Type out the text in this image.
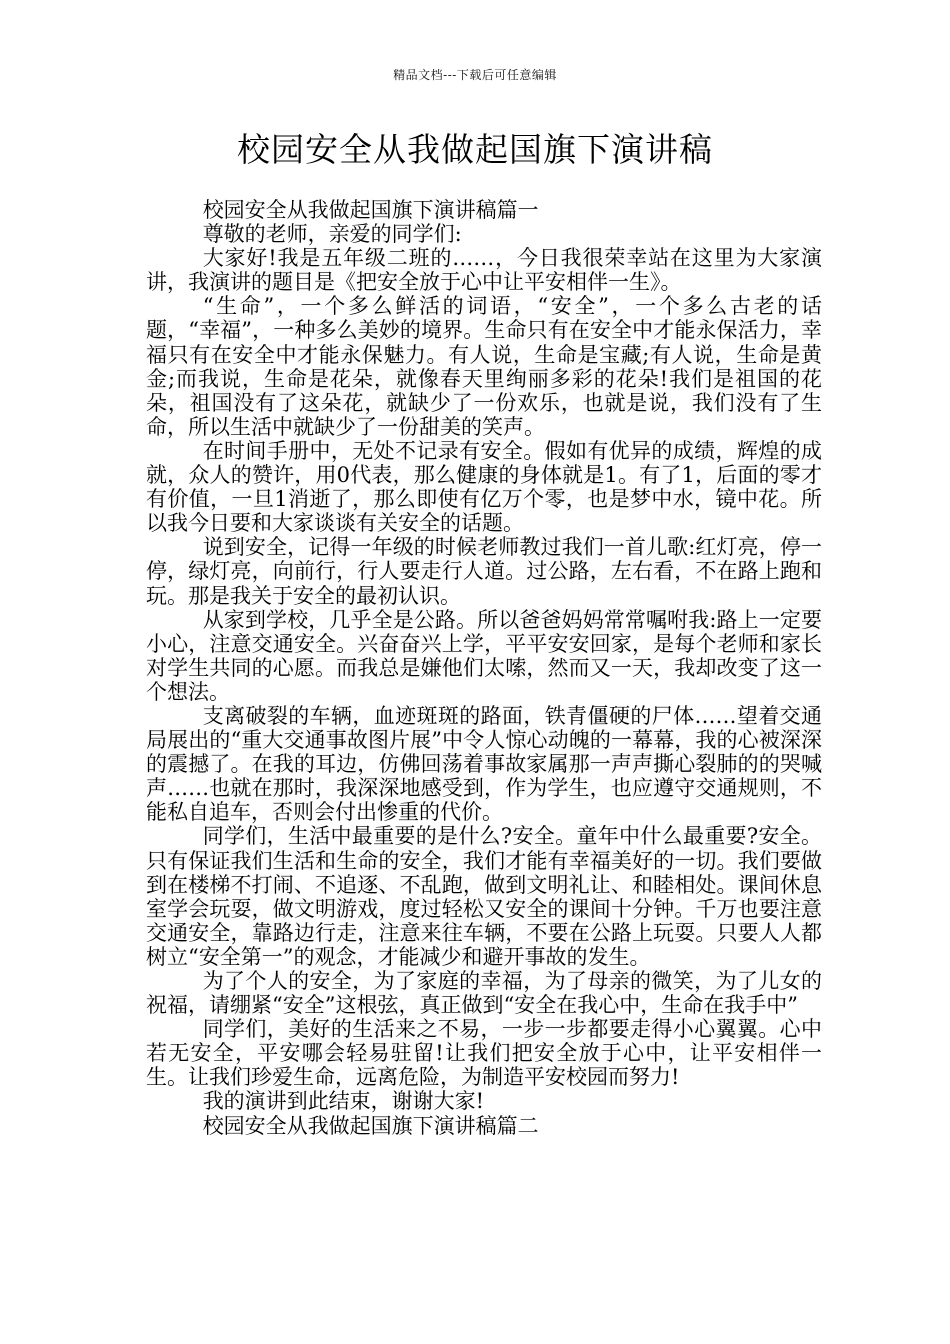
精品文档---下载后可任意编辑
校园安全从我做起国旗下演讲稿

校园安全从我做起国旗下演讲稿篇一

尊敬的老师，亲爱的同学们:

大家好!我是五年级二班的……，今日我很荣幸站在这里为大家演讲，我演讲的题目是《把安全放于心中让平安相伴一生》。

“生命”，一个多么鲜活的词语，“安全”，一个多么古老的话题，“幸福”，一种多么美妙的境界。生命只有在安全中才能永保活力，幸福只有在安全中才能永保魅力。有人说，生命是宝藏;有人说，生命是黄金;而我说，生命是花朵，就像春天里绚丽多彩的花朵!我们是祖国的花朵，祖国没有了这朵花，就缺少了一份欢乐，也就是说，我们没有了生命，所以生活中就缺少了一份甜美的笑声。

在时间手册中，无处不记录有安全。假如有优异的成绩，辉煌的成就，众人的赞许，用0代表，那么健康的身体就是1。有了1，后面的零才有价值，一旦1消逝了，那么即使有亿万个零，也是梦中水，镜中花。所以我今日要和大家谈谈有关安全的话题。

说到安全，记得一年级的时候老师教过我们一首儿歌:红灯亮，停一停，绿灯亮，向前行，行人要走行人道。过公路，左右看，不在路上跑和玩。那是我关于安全的最初认识。

从家到学校，几乎全是公路。所以爸爸妈妈常常嘱咐我:路上一定要小心，注意交通安全。兴奋奋兴上学，平平安安回家，是每个老师和家长对学生共同的心愿。而我总是嫌他们太嗦，然而又一天，我却改变了这一个想法。

支离破裂的车辆，血迹斑斑的路面，铁青僵硬的尸体……望着交通局展出的“重大交通事故图片展”中令人惊心动魄的一幕幕，我的心被深深的震撼了。在我的耳边，仿佛回荡着事故家属那一声声撕心裂肺的的哭喊声……也就在那时，我深深地感受到，作为学生，也应遵守交通规则，不能私自追车，否则会付出惨重的代价。

同学们，生活中最重要的是什么?安全。童年中什么最重要?安全。只有保证我们生活和生命的安全，我们才能有幸福美好的一切。我们要做到在楼梯不打闹、不追逐、不乱跑，做到文明礼让、和睦相处。课间休息室学会玩耍，做文明游戏，度过轻松又安全的课间十分钟。千万也要注意交通安全，靠路边行走，注意来往车辆，不要在公路上玩耍。只要人人都树立“安全第一”的观念，才能减少和避开事故的发生。

为了个人的安全，为了家庭的幸福，为了母亲的微笑，为了儿女的祝福，请绷紧“安全”这根弦，真正做到“安全在我心中，生命在我手中”

同学们，美好的生活来之不易，一步一步都要走得小心翼翼。心中若无安全，平安哪会轻易驻留!让我们把安全放于心中，让平安相伴一生。让我们珍爱生命，远离危险，为制造平安校园而努力!

我的演讲到此结束，谢谢大家!

校园安全从我做起国旗下演讲稿篇二
